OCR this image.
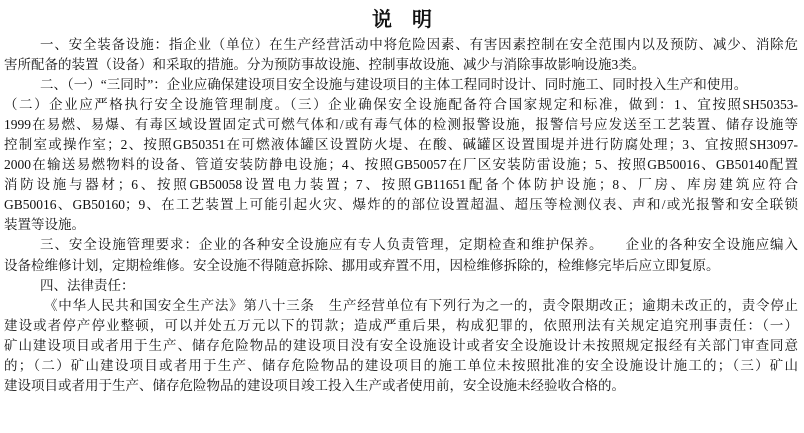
说　明
一、安全装备设施：指企业（单位）在生产经营活动中将危险因素、有害因素控制在安全范围内以及预防、减少、消除危
害所配备的装置（设备）和采取的措施。分为预防事故设施、控制事故设施、减少与消除事故影响设施3类。
二、（一）“三同时”：企业应确保建设项目安全设施与建设项目的主体工程同时设计、同时施工、同时投入生产和使用。
（二）企业应严格执行安全设施管理制度。（三）企业确保安全设施配备符合国家规定和标准，做到：1、宜按照SH50353-
1999在易燃、易爆、有毒区域设置固定式可燃气体和/或有毒气体的检测报警设施，报警信号应发送至工艺装置、储存设施等
控制室或操作室；2、按照GB50351在可燃液体罐区设置防火堤、在酸、碱罐区设置围堤并进行防腐处理；3、宜按照SH3097-
2000在输送易燃物料的设备、管道安装防静电设施；4、按照GB50057在厂区安装防雷设施；5、按照GB50016、GB50140配置
消防设施与器材；6、按照GB50058设置电力装置；7、按照GB11651配备个体防护设施；8、厂房、库房建筑应符合
GB50016、GB50160；9、在工艺装置上可能引起火灾、爆炸的的部位设置超温、超压等检测仪表、声和/或光报警和安全联锁
装置等设施。
三、安全设施管理要求：企业的各种安全设施应有专人负责管理，定期检查和维护保养。　　企业的各种安全设施应编入
设备检维修计划，定期检维修。安全设施不得随意拆除、挪用或弃置不用，因检维修拆除的，检维修完毕后应立即复原。
四、法律责任：
《中华人民共和国安全生产法》第八十三条　生产经营单位有下列行为之一的，责令限期改正；逾期未改正的，责令停止
建设或者停产停业整顿，可以并处五万元以下的罚款；造成严重后果，构成犯罪的，依照刑法有关规定追究刑事责任：（一）
矿山建设项目或者用于生产、储存危险物品的建设项目没有安全设施设计或者安全设施设计未按照规定报经有关部门审查同意
的；（二）矿山建设项目或者用于生产、储存危险物品的建设项目的施工单位未按照批准的安全设施设计施工的；（三）矿山
建设项目或者用于生产、储存危险物品的建设项目竣工投入生产或者使用前，安全设施未经验收合格的。
